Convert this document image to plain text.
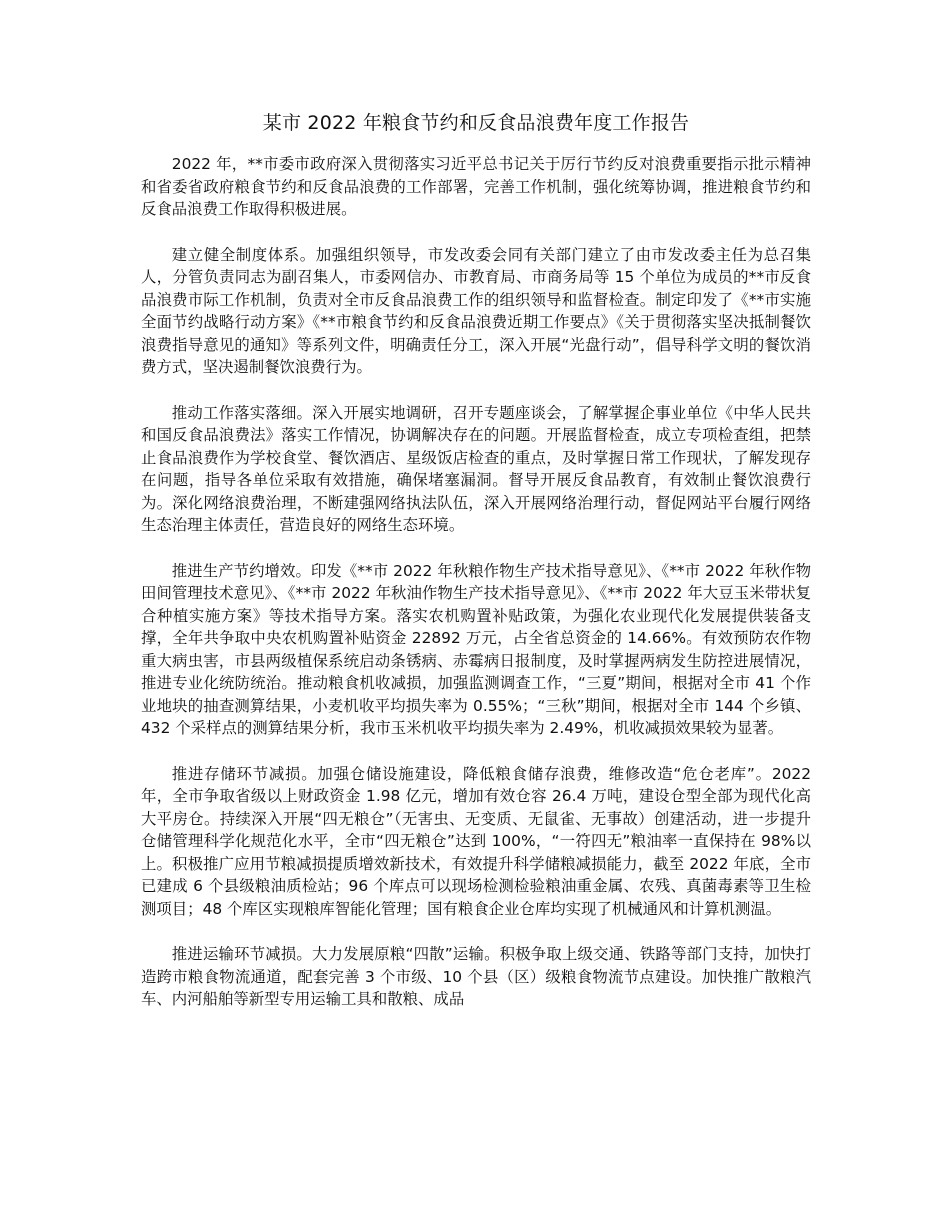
某市 2022 年粮食节约和反食品浪费年度工作报告

2022 年，**市委市政府深入贯彻落实习近平总书记关于厉行节约反对浪费重要指示批示精神和省委省政府粮食节约和反食品浪费的工作部署，完善工作机制，强化统筹协调，推进粮食节约和反食品浪费工作取得积极进展。

建立健全制度体系。加强组织领导，市发改委会同有关部门建立了由市发改委主任为总召集人，分管负责同志为副召集人，市委网信办、市教育局、市商务局等 15 个单位为成员的**市反食品浪费市际工作机制，负责对全市反食品浪费工作的组织领导和监督检查。制定印发了《**市实施全面节约战略行动方案》《**市粮食节约和反食品浪费近期工作要点》《关于贯彻落实坚决抵制餐饮浪费指导意见的通知》等系列文件，明确责任分工，深入开展“光盘行动”，倡导科学文明的餐饮消费方式，坚决遏制餐饮浪费行为。

推动工作落实落细。深入开展实地调研，召开专题座谈会，了解掌握企事业单位《中华人民共和国反食品浪费法》落实工作情况，协调解决存在的问题。开展监督检查，成立专项检查组，把禁止食品浪费作为学校食堂、餐饮酒店、星级饭店检查的重点，及时掌握日常工作现状，了解发现存在问题，指导各单位采取有效措施，确保堵塞漏洞。督导开展反食品教育，有效制止餐饮浪费行为。深化网络浪费治理，不断建强网络执法队伍，深入开展网络治理行动，督促网站平台履行网络生态治理主体责任，营造良好的网络生态环境。

推进生产节约增效。印发《**市 2022 年秋粮作物生产技术指导意见》、《**市 2022 年秋作物田间管理技术意见》、《**市 2022 年秋油作物生产技术指导意见》、《**市 2022 年大豆玉米带状复合种植实施方案》等技术指导方案。落实农机购置补贴政策，为强化农业现代化发展提供装备支撑，全年共争取中央农机购置补贴资金 22892 万元，占全省总资金的 14.66%。有效预防农作物重大病虫害，市县两级植保系统启动条锈病、赤霉病日报制度，及时掌握两病发生防控进展情况，推进专业化统防统治。推动粮食机收减损，加强监测调查工作，“三夏”期间，根据对全市 41 个作业地块的抽查测算结果，小麦机收平均损失率为 0.55%；“三秋”期间，根据对全市 144 个乡镇、432 个采样点的测算结果分析，我市玉米机收平均损失率为 2.49%，机收减损效果较为显著。

推进存储环节减损。加强仓储设施建设，降低粮食储存浪费，维修改造“危仓老库”。2022 年，全市争取省级以上财政资金 1.98 亿元，增加有效仓容 26.4 万吨，建设仓型全部为现代化高大平房仓。持续深入开展“四无粮仓”（无害虫、无变质、无鼠雀、无事故）创建活动，进一步提升仓储管理科学化规范化水平，全市“四无粮仓”达到 100%，“一符四无”粮油率一直保持在 98%以上。积极推广应用节粮减损提质增效新技术，有效提升科学储粮减损能力，截至 2022 年底，全市已建成 6 个县级粮油质检站；96 个库点可以现场检测检验粮油重金属、农残、真菌毒素等卫生检测项目；48 个库区实现粮库智能化管理；国有粮食企业仓库均实现了机械通风和计算机测温。

推进运输环节减损。大力发展原粮“四散”运输。积极争取上级交通、铁路等部门支持，加快打造跨市粮食物流通道，配套完善 3 个市级、10 个县（区）级粮食物流节点建设。加快推广散粮汽车、内河船舶等新型专用运输工具和散粮、成品
